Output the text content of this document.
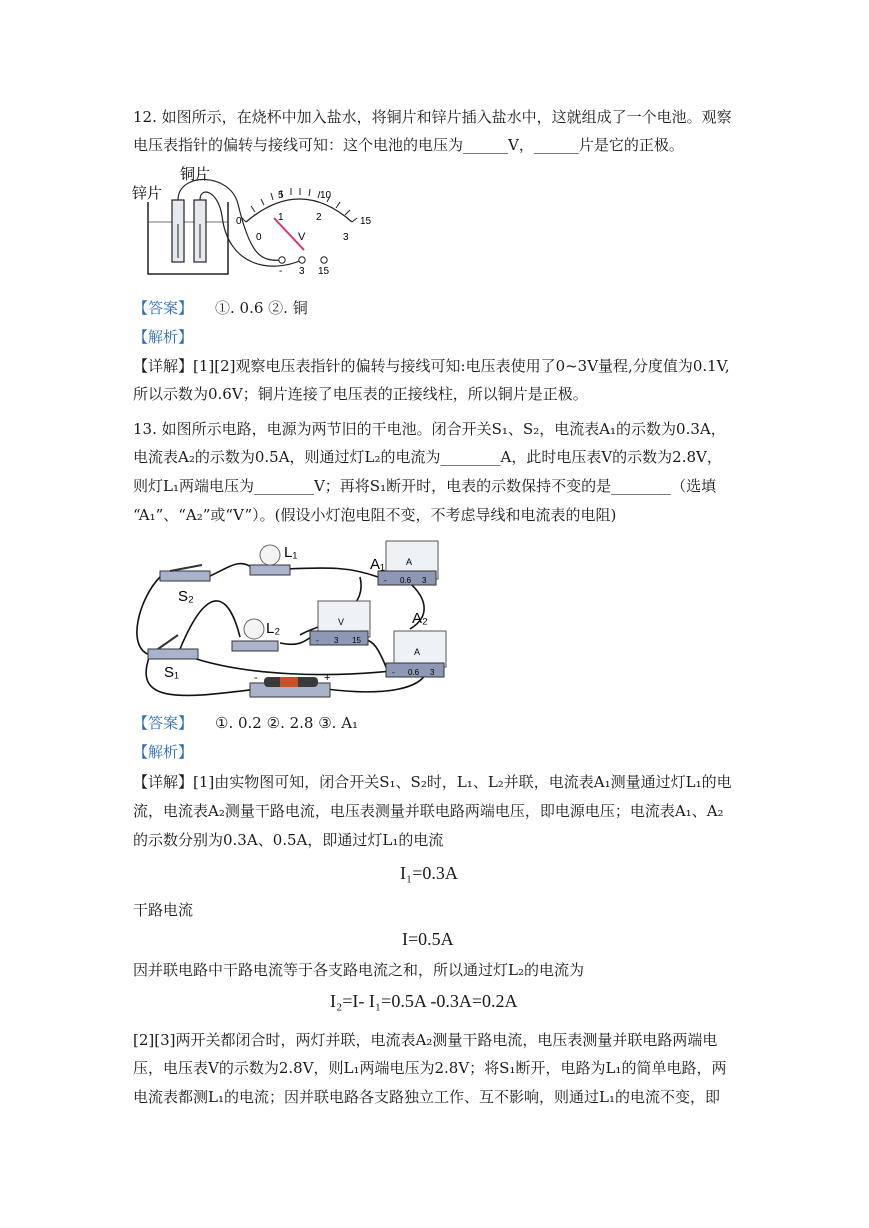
12. 如图所示，在烧杯中加入盐水，将铜片和锌片插入盐水中，这就组成了一个电池。观察
电压表指针的偏转与接线可知：这个电池的电压为______V，______片是它的正极。
锌片
铜片
0
5	10
15
0
1	2
3
V
- 3 15
【答案】 ①. 0.6 ②. 铜
【解析】
【详解】[1][2]观察电压表指针的偏转与接线可知:电压表使用了0~3V量程,分度值为0.1V,
所以示数为0.6V；铜片连接了电压表的正接线柱，所以铜片是正极。
13. 如图所示电路，电源为两节旧的干电池。闭合开关S₁、S₂，电流表A₁的示数为0.3A，
电流表A₂的示数为0.5A，则通过灯L₂的电流为________A，此时电压表V的示数为2.8V，
则灯L₁两端电压为________V；再将S₁断开时，电表的示数保持不变的是________（选填
“A₁”、“A₂”或“V”）。(假设小灯泡电阻不变，不考虑导线和电流表的电阻)
S₂
S₁
L₁
L₂
A
A₁
- 0.6 3
V
- 3 15
A
A₂
- 0.6 3
-	+
【答案】 ①. 0.2 ②. 2.8 ③. A₁
【解析】
【详解】[1]由实物图可知，闭合开关S₁、S₂时，L₁、L₂并联，电流表A₁测量通过灯L₁的电
流，电流表A₂测量干路电流，电压表测量并联电路两端电压，即电源电压；电流表A₁、A₂
的示数分别为0.3A、0.5A，即通过灯L₁的电流
I₁=0.3A
干路电流
I=0.5A
因并联电路中干路电流等于各支路电流之和，所以通过灯L₂的电流为
I₂=I- I₁=0.5A -0.3A=0.2A
[2][3]两开关都闭合时，两灯并联，电流表A₂测量干路电流，电压表测量并联电路两端电
压，电压表V的示数为2.8V，则L₁两端电压为2.8V；将S₁断开，电路为L₁的简单电路，两
电流表都测L₁的电流；因并联电路各支路独立工作、互不影响，则通过L₁的电流不变，即
